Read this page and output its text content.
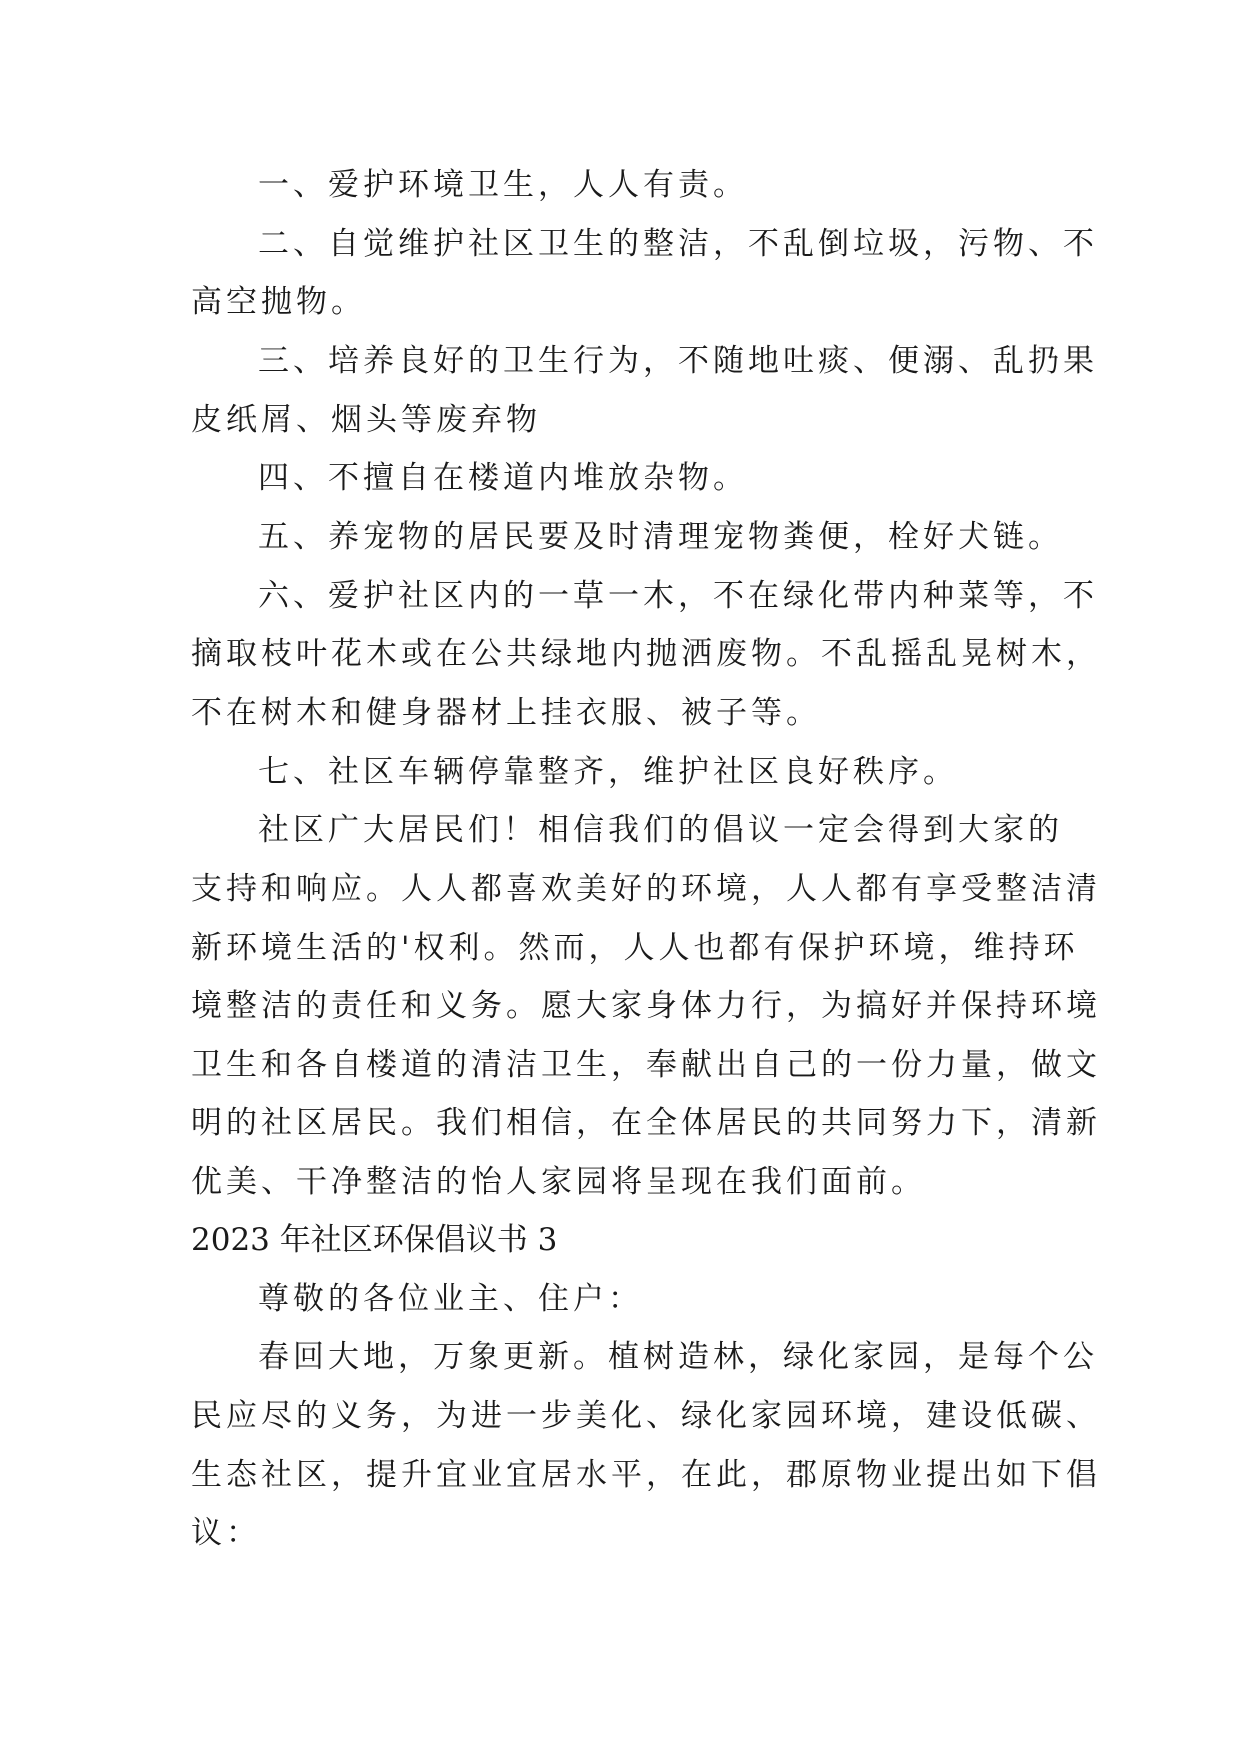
一、爱护环境卫生，人人有责。
二、自觉维护社区卫生的整洁，不乱倒垃圾，污物、不
高空抛物。
三、培养良好的卫生行为，不随地吐痰、便溺、乱扔果
皮纸屑、烟头等废弃物
四、不擅自在楼道内堆放杂物。
五、养宠物的居民要及时清理宠物粪便，栓好犬链。
六、爱护社区内的一草一木，不在绿化带内种菜等，不
摘取枝叶花木或在公共绿地内抛洒废物。不乱摇乱晃树木，
不在树木和健身器材上挂衣服、被子等。
七、社区车辆停靠整齐，维护社区良好秩序。
社区广大居民们！相信我们的倡议一定会得到大家的
支持和响应。人人都喜欢美好的环境，人人都有享受整洁清
新环境生活的'权利。然而，人人也都有保护环境，维持环
境整洁的责任和义务。愿大家身体力行，为搞好并保持环境
卫生和各自楼道的清洁卫生，奉献出自己的一份力量，做文
明的社区居民。我们相信，在全体居民的共同努力下，清新
优美、干净整洁的怡人家园将呈现在我们面前。
2023 年社区环保倡议书 3
尊敬的各位业主、住户：
春回大地，万象更新。植树造林，绿化家园，是每个公
民应尽的义务，为进一步美化、绿化家园环境，建设低碳、
生态社区，提升宜业宜居水平，在此，郡原物业提出如下倡
议：
